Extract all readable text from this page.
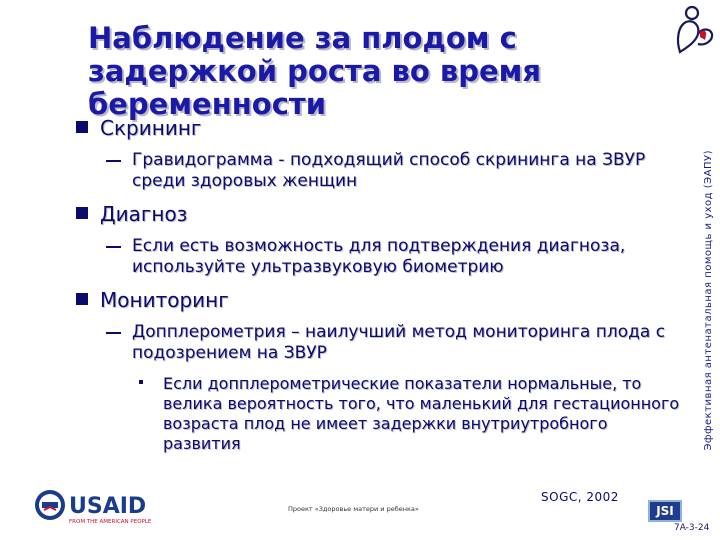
Наблюдение за плодом с задержкой роста во время беременности
Скрининг
Гравидограмма - подходящий способ скрининга на ЗВУР среди здоровых женщин
Диагноз
Если есть возможность для подтверждения диагноза, используйте ультразвуковую биометрию
Мониторинг
Допплерометрия – наилучший метод мониторинга плода с подозрением на ЗВУР
Если допплерометрические показатели нормальные, то велика вероятность того, что маленький для гестационного возраста плод не имеет задержки внутриутробного развития	Эффективная антенатальная помощь и уход (ЭАПУ)
USAID
FROM THE AMERICAN PEOPLE
Проект «Здоровье матери и ребенка»
SOGC, 2002
JSI
7A-3-24
